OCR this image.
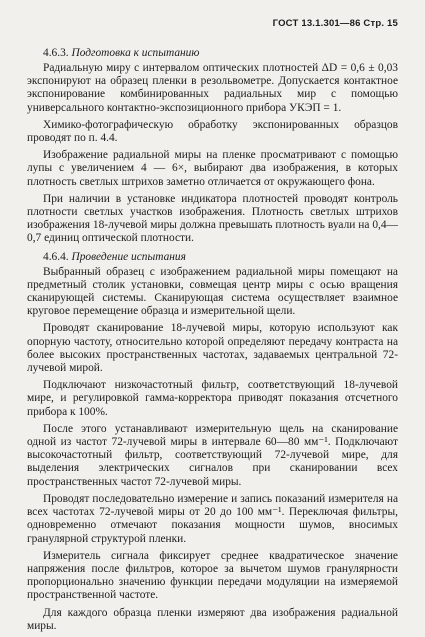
ГОСТ 13.1.301—86 Стр. 15
4.6.3. Подготовка к испытанию

Радиальную миру с интервалом оптических плотностей ΔD = 0,6 ± 0,03 экспонируют на образец пленки в резольвометре. Допускается контактное экспонирование комбинированных радиальных мир с помощью универсального контактно-экспозиционного прибора УКЭП = 1.

Химико-фотографическую обработку экспонированных образцов проводят по п. 4.4.

Изображение радиальной миры на пленке просматривают с помощью лупы с увеличением 4 — 6×, выбирают два изображения, в которых плотность светлых штрихов заметно отличается от окружающего фона.

При наличии в установке индикатора плотностей проводят контроль плотности светлых участков изображения. Плотность светлых штрихов изображения 18-лучевой миры должна превышать плотность вуали на 0,4—0,7 единиц оптической плотности.

4.6.4. Проведение испытания

Выбранный образец с изображением радиальной миры помещают на предметный столик установки, совмещая центр миры с осью вращения сканирующей системы. Сканирующая система осуществляет взаимное круговое перемещение образца и измерительной щели.

Проводят сканирование 18-лучевой миры, которую используют как опорную частоту, относительно которой определяют передачу контраста на более высоких пространственных частотах, задаваемых центральной 72-лучевой мирой.

Подключают низкочастотный фильтр, соответствующий 18-лучевой мире, и регулировкой гамма-корректора приводят показания отсчетного прибора к 100%.

После этого устанавливают измерительную щель на сканирование одной из частот 72-лучевой миры в интервале 60—80 мм⁻¹. Подключают высокочастотный фильтр, соответствующий 72-лучевой мире, для выделения электрических сигналов при сканировании всех пространственных частот 72-лучевой миры.

Проводят последовательно измерение и запись показаний измерителя на всех частотах 72-лучевой миры от 20 до 100 мм⁻¹. Переключая фильтры, одновременно отмечают показания мощности шумов, вносимых гранулярной структурой пленки.

Измеритель сигнала фиксирует среднее квадратическое значение напряжения после фильтров, которое за вычетом шумов гранулярности пропорционально значению функции передачи модуляции на измеряемой пространственной частоте.

Для каждого образца пленки измеряют два изображения радиальной миры.
